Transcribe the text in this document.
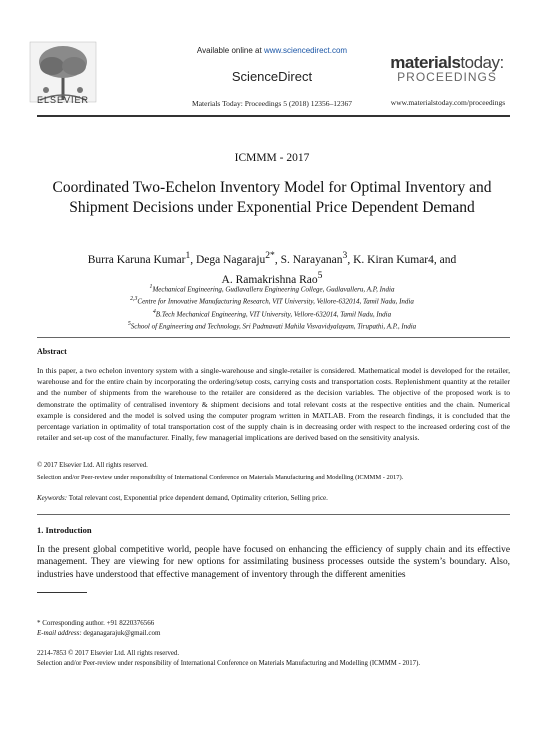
ELSEVIER
Available online at www.sciencedirect.com
ScienceDirect
Materials Today: Proceedings 5 (2018) 12356–12367
materialstoday:
PROCEEDINGS
www.materialstoday.com/proceedings
ICMMM - 2017
Coordinated Two-Echelon Inventory Model for Optimal Inventory and Shipment Decisions under Exponential Price Dependent Demand
Burra Karuna Kumar$^1$, Dega Nagaraju$^{2*}$, S. Narayanan$^3$, K. Kiran Kumar4, and
A. Ramakrishna Rao$^5$
$^1$Mechanical Engineering, Gudlavalleru Engineering College, Gudlavalleru, A.P, India
$^{2,3}$Centre for Innovative Manufacturing Research, VIT University, Vellore-632014, Tamil Nadu, India
$^4$B.Tech Mechanical Engineering, VIT University, Vellore-632014, Tamil Nadu, India
$^5$School of Engineering and Technology, Sri Padmavati Mahila Visvavidyalayam, Tirupathi, A.P., India
Abstract
In this paper, a two echelon inventory system with a single-warehouse and single-retailer is considered. Mathematical model is developed for the retailer, warehouse and for the entire chain by incorporating the ordering/setup costs, carrying costs and transportation costs. Replenishment quantity at the retailer and the number of shipments from the warehouse to the retailer are considered as the decision variables. The objective of the proposed work is to demonstrate the optimality of centralised inventory & shipment decisions and total relevant costs at the respective entities and the chain. Numerical example is considered and the model is solved using the computer program written in MATLAB. From the research findings, it is concluded that the percentage variation in optimality of total transportation cost of the supply chain is in decreasing order with respect to the increased ordering cost of the retailer and set-up cost of the manufacturer. Finally, few managerial implications are derived based on the sensitivity analysis.
© 2017 Elsevier Ltd. All rights reserved.
Selection and/or Peer-review under responsibility of International Conference on Materials Manufacturing and Modelling (ICMMM - 2017).
Keywords: Total relevant cost, Exponential price dependent demand, Optimality criterion, Selling price.
1. Introduction
In the present global competitive world, people have focused on enhancing the efficiency of supply chain and its effective management. They are viewing for new options for assimilating business processes outside the system’s boundary. Also, industries have understood that effective management of inventory through the different amenities
* Corresponding author. +91 8220376566
E-mail address: deganagarajuk@gmail.com
2214-7853 © 2017 Elsevier Ltd. All rights reserved.
Selection and/or Peer-review under responsibility of International Conference on Materials Manufacturing and Modelling (ICMMM - 2017).
